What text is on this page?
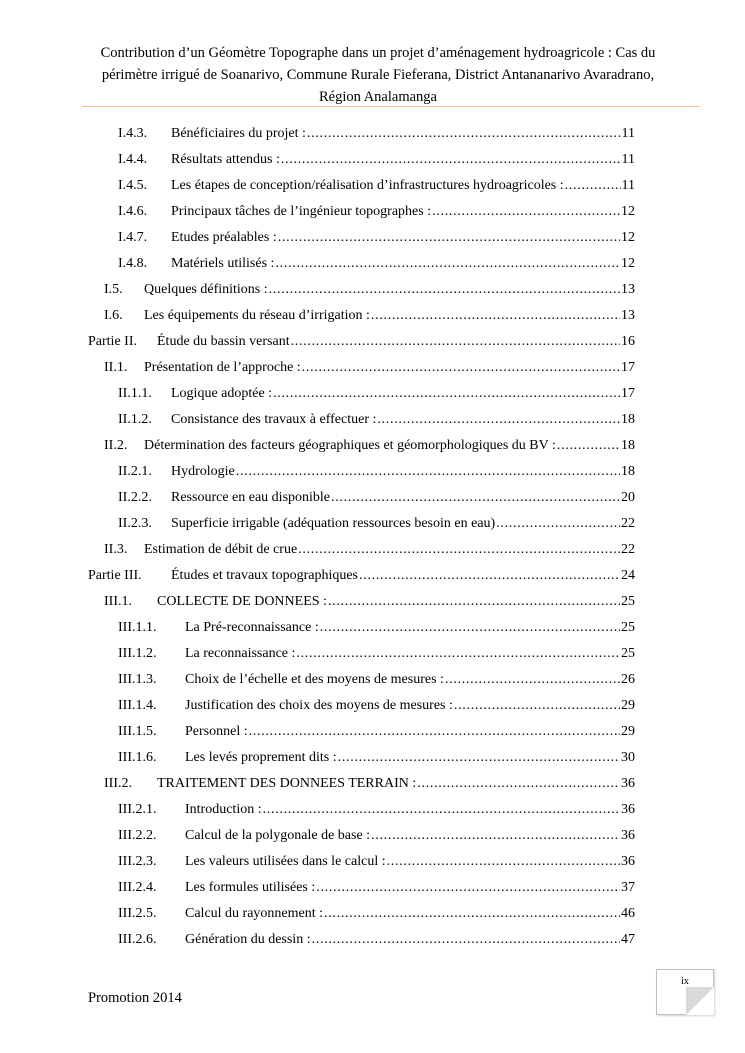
Contribution d’un Géomètre Topographe dans un projet d’aménagement hydroagricole : Cas du
périmètre irrigué de Soanarivo, Commune Rurale Fieferana, District Antananarivo Avaradrano,
Région Analamanga
I.4.3.	Bénéficiaires du projet : . . .	11
I.4.4.	Résultats attendus : . . .	11
I.4.5.	Les étapes de conception/réalisation d’infrastructures hydroagricoles : . . .	11
I.4.6.	Principaux tâches de l’ingénieur topographes : . . .	12
I.4.7.	Etudes préalables : . . .	12
I.4.8.	Matériels utilisés : . . .	12
I.5.	Quelques définitions : . . .	13
I.6.	Les équipements du réseau d’irrigation : . . .	13
Partie II.	Étude du bassin versant . . .	16
II.1.	Présentation de l’approche : . . .	17
II.1.1.	Logique adoptée : . . .	17
II.1.2.	Consistance des travaux à effectuer : . . .	18
II.2.	Détermination des facteurs géographiques et géomorphologiques du BV : . . .	18
II.2.1.	Hydrologie . . .	18
II.2.2.	Ressource en eau disponible . . .	20
II.2.3.	Superficie irrigable (adéquation ressources besoin en eau) . . .	22
II.3.	Estimation de débit de crue . . .	22
Partie III.	Études et travaux topographiques . . .	24
III.1.	COLLECTE DE DONNEES : . . .	25
III.1.1.	La Pré-reconnaissance : . . .	25
III.1.2.	La reconnaissance : . . .	25
III.1.3.	Choix de l’échelle et des moyens de mesures : . . .	26
III.1.4.	Justification des choix des moyens de mesures : . . .	29
III.1.5.	Personnel : . . .	29
III.1.6.	Les levés proprement dits : . . .	30
III.2.	TRAITEMENT DES DONNEES TERRAIN : . . .	36
III.2.1.	Introduction : . . .	36
III.2.2.	Calcul de la polygonale de base : . . .	36
III.2.3.	Les valeurs utilisées dans le calcul : . . .	36
III.2.4.	Les formules utilisées : . . .	37
III.2.5.	Calcul du rayonnement : . . .	46
III.2.6.	Génération du dessin : . . .	47
ix
Promotion 2014
